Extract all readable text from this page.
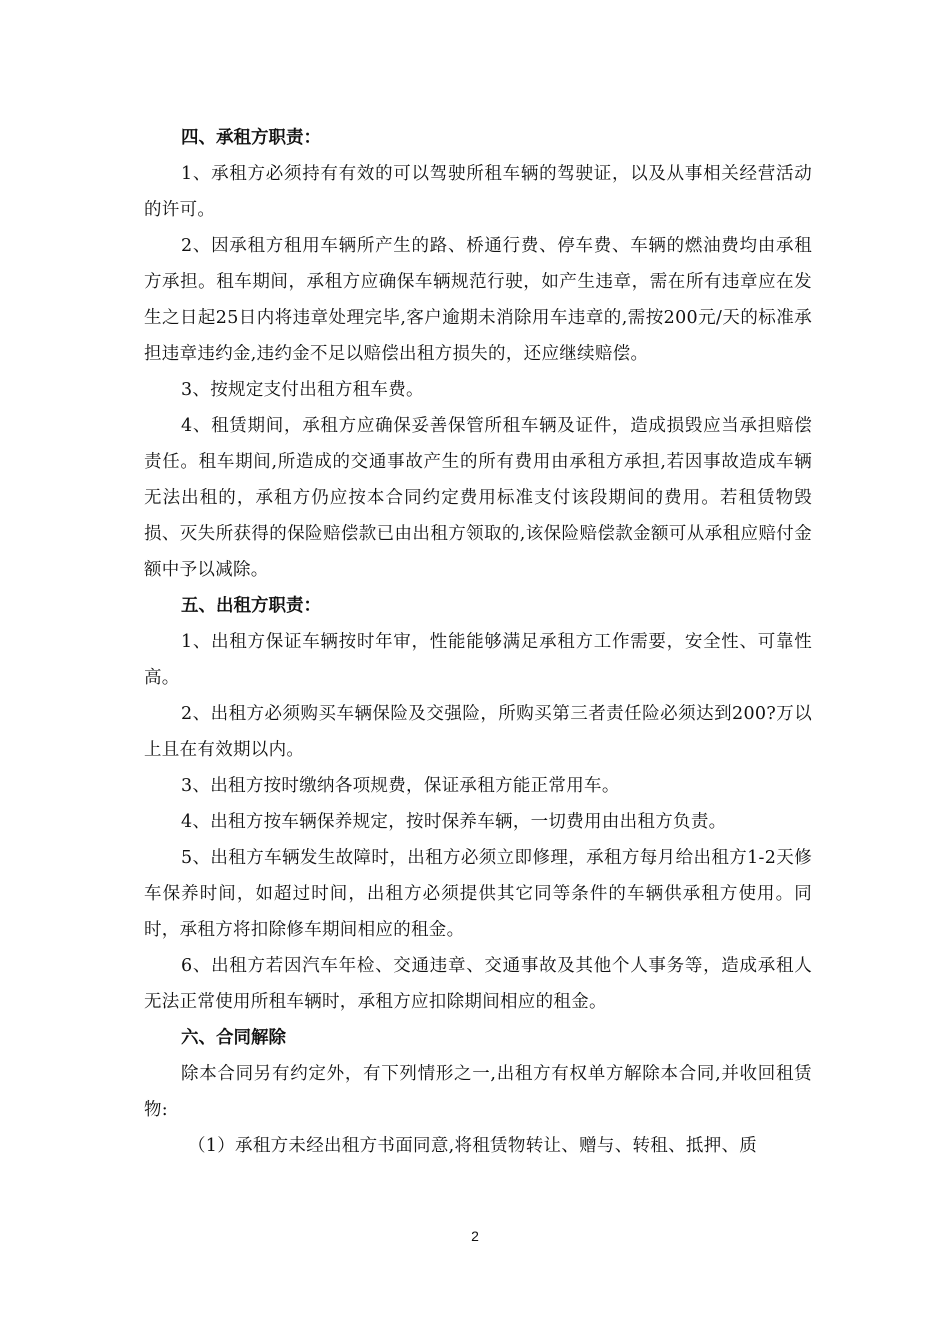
四、承租方职责：

1、承租方必须持有有效的可以驾驶所租车辆的驾驶证，以及从事相关经营活动的许可。

2、因承租方租用车辆所产生的路、桥通行费、停车费、车辆的燃油费均由承租方承担。租车期间，承租方应确保车辆规范行驶，如产生违章，需在所有违章应在发生之日起25日内将违章处理完毕,客户逾期未消除用车违章的,需按200元/天的标准承担违章违约金,违约金不足以赔偿出租方损失的，还应继续赔偿。

3、按规定支付出租方租车费。

4、租赁期间，承租方应确保妥善保管所租车辆及证件，造成损毁应当承担赔偿责任。租车期间,所造成的交通事故产生的所有费用由承租方承担,若因事故造成车辆无法出租的，承租方仍应按本合同约定费用标准支付该段期间的费用。若租赁物毁损、灭失所获得的保险赔偿款已由出租方领取的,该保险赔偿款金额可从承租应赔付金额中予以减除。

五、出租方职责：

1、出租方保证车辆按时年审，性能能够满足承租方工作需要，安全性、可靠性高。

2、出租方必须购买车辆保险及交强险，所购买第三者责任险必须达到200?万以上且在有效期以内。

3、出租方按时缴纳各项规费，保证承租方能正常用车。

4、出租方按车辆保养规定，按时保养车辆，一切费用由出租方负责。

5、出租方车辆发生故障时，出租方必须立即修理，承租方每月给出租方1-2天修车保养时间，如超过时间，出租方必须提供其它同等条件的车辆供承租方使用。同时，承租方将扣除修车期间相应的租金。

6、出租方若因汽车年检、交通违章、交通事故及其他个人事务等，造成承租人无法正常使用所租车辆时，承租方应扣除期间相应的租金。

六、合同解除

除本合同另有约定外，有下列情形之一,出租方有权单方解除本合同,并收回租赁物:

（1）承租方未经出租方书面同意,将租赁物转让、赠与、转租、抵押、质

2
